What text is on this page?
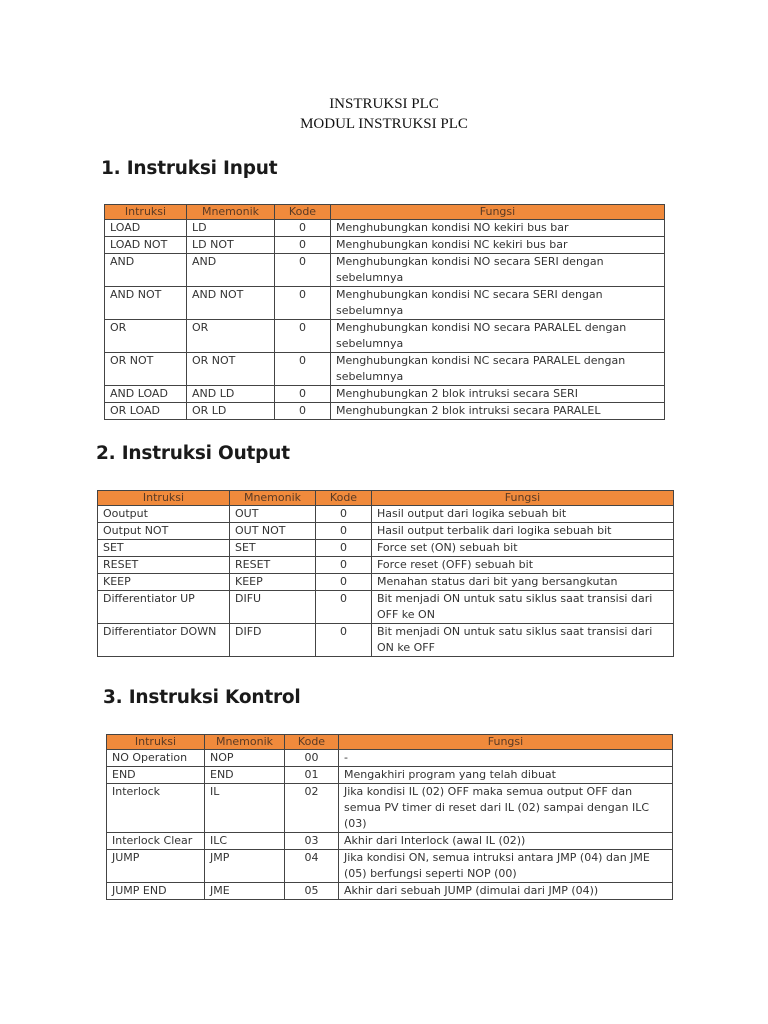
INSTRUKSI PLC
MODUL INSTRUKSI PLC
1. Instruksi Input
Intruksi	Mnemonik	Kode	Fungsi
LOAD	LD	0	Menghubungkan kondisi NO kekiri bus bar
LOAD NOT	LD NOT	0	Menghubungkan kondisi NC kekiri bus bar
AND	AND	0	Menghubungkan kondisi NO secara SERI dengan sebelumnya
AND NOT	AND NOT	0	Menghubungkan kondisi NC secara SERI dengan sebelumnya
OR	OR	0	Menghubungkan kondisi NO secara PARALEL dengan sebelumnya
OR NOT	OR NOT	0	Menghubungkan kondisi NC secara PARALEL dengan sebelumnya
AND LOAD	AND LD	0	Menghubungkan 2 blok intruksi secara SERI
OR LOAD	OR LD	0	Menghubungkan 2 blok intruksi secara PARALEL
2. Instruksi Output
Intruksi	Mnemonik	Kode	Fungsi
Ooutput	OUT	0	Hasil output dari logika sebuah bit
Output NOT	OUT NOT	0	Hasil output terbalik dari logika sebuah bit
SET	SET	0	Force set (ON) sebuah bit
RESET	RESET	0	Force reset (OFF) sebuah bit
KEEP	KEEP	0	Menahan status dari bit yang bersangkutan
Differentiator UP	DIFU	0	Bit menjadi ON untuk satu siklus saat transisi dari OFF ke ON
Differentiator DOWN	DIFD	0	Bit menjadi ON untuk satu siklus saat transisi dari ON ke OFF
3. Instruksi Kontrol
Intruksi	Mnemonik	Kode	Fungsi
NO Operation	NOP	00	-
END	END	01	Mengakhiri program yang telah dibuat
Interlock	IL	02	Jika kondisi IL (02) OFF maka semua output OFF dan semua PV timer di reset dari IL (02) sampai dengan ILC (03)
Interlock Clear	ILC	03	Akhir dari Interlock (awal IL (02))
JUMP	JMP	04	Jika kondisi ON, semua intruksi antara JMP (04) dan JME (05) berfungsi seperti NOP (00)
JUMP END	JME	05	Akhir dari sebuah JUMP (dimulai dari JMP (04))
